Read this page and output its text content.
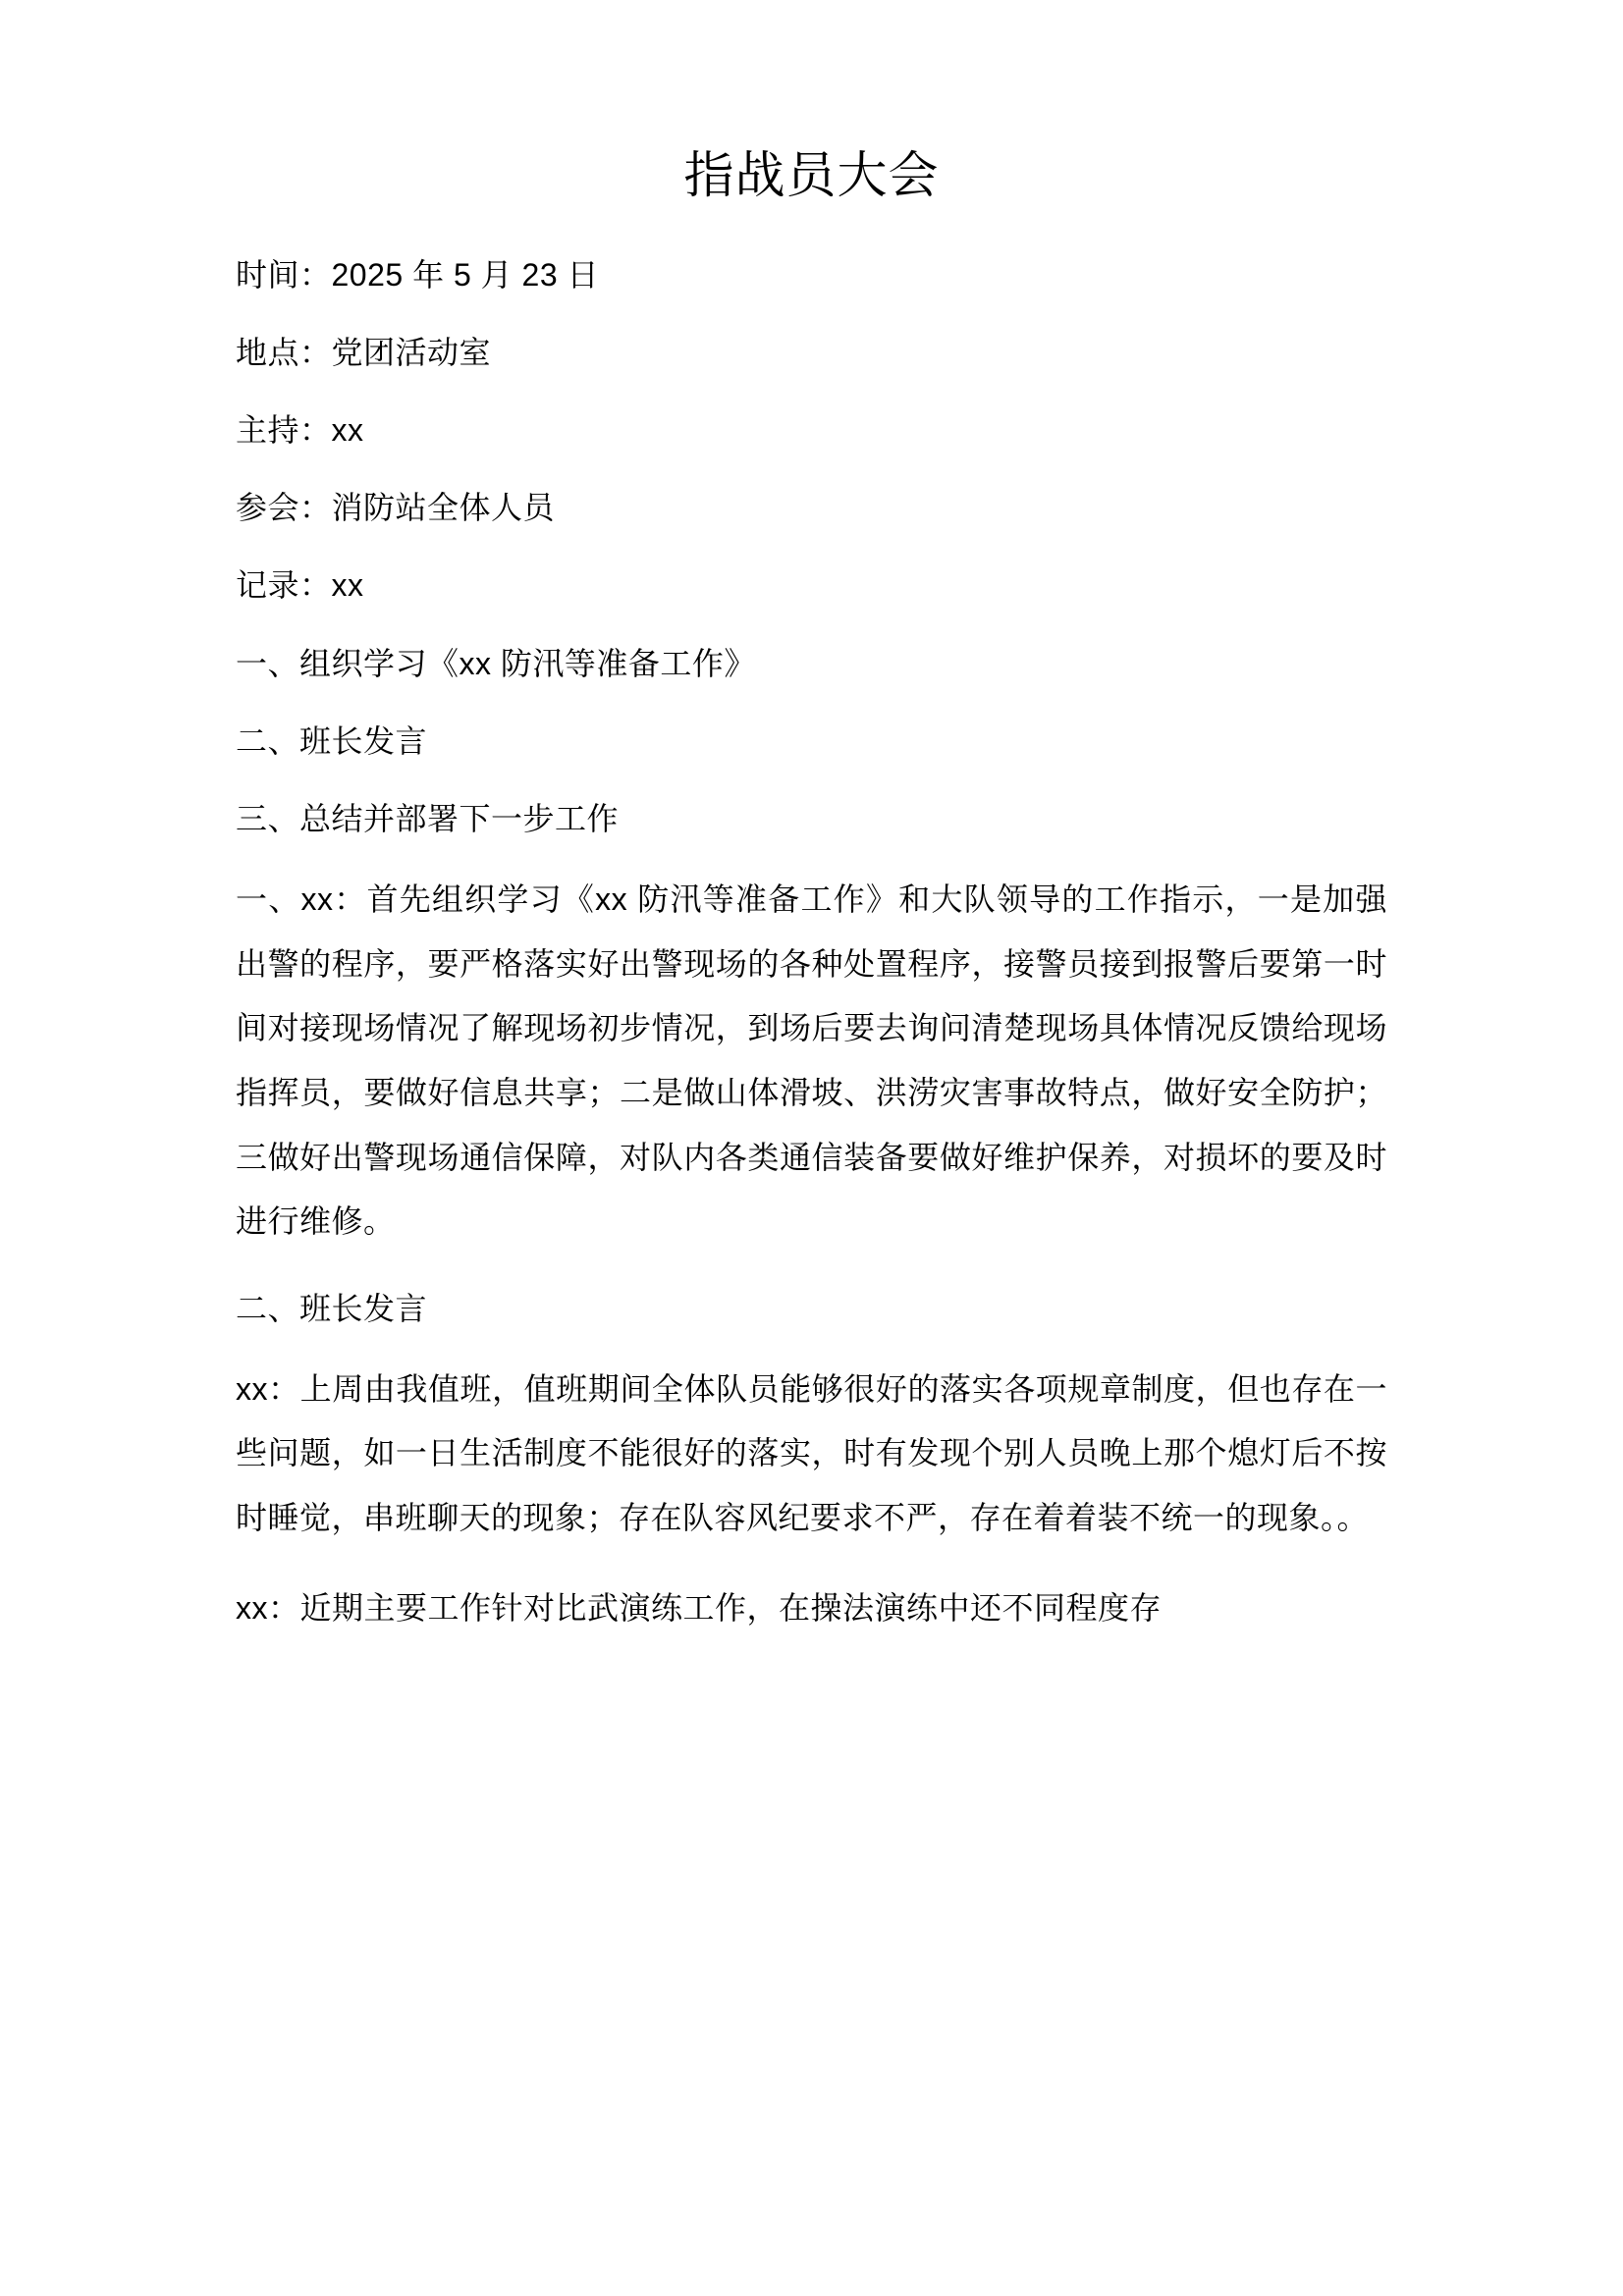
指战员大会

时间：2025 年 5 月 23 日

地点：党团活动室

主持：xx

参会：消防站全体人员

记录：xx

一、组织学习《xx 防汛等准备工作》

二、班长发言

三、总结并部署下一步工作

一、xx：首先组织学习《xx 防汛等准备工作》和大队领导的工作指示，一是加强出警的程序，要严格落实好出警现场的各种处置程序，接警员接到报警后要第一时间对接现场情况了解现场初步情况，到场后要去询问清楚现场具体情况反馈给现场指挥员，要做好信息共享；二是做山体滑坡、洪涝灾害事故特点，做好安全防护；三做好出警现场通信保障，对队内各类通信装备要做好维护保养，对损坏的要及时进行维修。

二、班长发言

xx：上周由我值班，值班期间全体队员能够很好的落实各项规章制度，但也存在一些问题，如一日生活制度不能很好的落实，时有发现个别人员晚上那个熄灯后不按时睡觉，串班聊天的现象；存在队容风纪要求不严，存在着着装不统一的现象。。

xx：近期主要工作针对比武演练工作，在操法演练中还不同程度存
